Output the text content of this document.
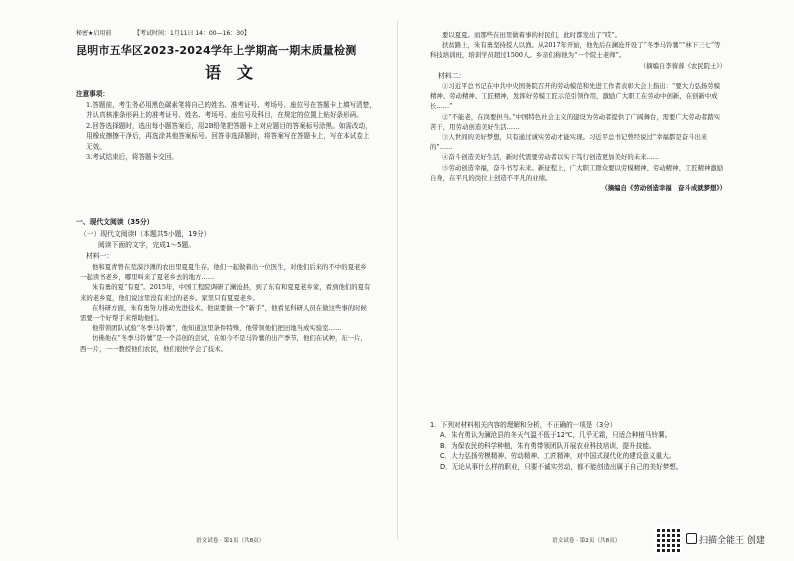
秘密★启用前	【考试时间：1月11日 14：00—16：30】
昆明市五华区2023-2024学年上学期高一期末质量检测
语文
注意事项：
1.答题前，考生务必用黑色碳素笔将自己的姓名、准考证号、考场号、座位号在答题卡上填写清楚，并认真核准条形码上的准考证号、姓名、考场号、座位号及科目，在规定的位置上贴好条形码。
2.回答选择题时，选出每小题答案后，用2B铅笔把答题卡上对应题目的答案标号涂黑。如需改动，用橡皮擦擦干净后，再选涂其他答案标号。回答非选择题时，将答案写在答题卡上，写在本试卷上无效。
3.考试结束后，将答题卡交回。
一、现代文阅读（35分）
（一）现代文阅读Ⅰ（本题共5小题，19分）
阅读下面的文字，完成1～5题。
材料一：

他和夏青曾在荒漠沙滩的农田里夏夏生存。他们一起做着出一位医生，对他们后来的不中的夏老乡一起读书老乡，哪里叫来了夏老乡去的地方……

朱有勇的夏“有夏”。2015年，中国工程院调研了澜沧县，到了东有和夏夏老乡家，看到他们的夏有来的老乡夏，他们说这里没有来过的老乡。家里只有夏夏老乡。

在科研方面，朱有勇努力推动先进技术。他说要做一个“新手”，他看见科研人员在做这些事的时候需要一个好帮手来帮助他们。

他带领团队试验“冬季马铃薯”，他知道这里条件特殊，他带领他们把田地当成实验室……

仿佛他在“冬季马铃薯”是一个首创的尝试，在如今不是马铃薯的出产季节，他们在试种，东一片，西一片，一一教授他们农民，他们很快学会了技术。

要以夏夏。而那些在田里做着事的村民们，此时都发出了“哎”。

扶贫路上，朱有勇坚持授人以渔。从2017年开始，他先后在澜沧开设了“冬季马铃薯”“林下三七”等科技培训班，培训学员超过1500人。乡亲们称他为“一个院士老师”。

（摘编自李蓉蓉《农民院士》）

材料二：

①习近平总书记在中共中央国务院召开的劳动模范和先进工作者表彰大会上指出：“要大力弘扬劳模精神、劳动精神、工匠精神，发挥好劳模工匠示范引领作用，激励广大职工在劳动中创新，在创新中成长……”

②“不能老，在岗要担当。”中国特色社会主义的建设为劳动者提供了广阔舞台，需要广大劳动者踏实苦干，用劳动创造美好生活……

③人世间的美好梦想，只有通过诚实劳动才能实现。习近平总书记曾经说过“幸福都是奋斗出来的”……

④奋斗创造美好生活，新时代需要劳动者以实干笃行创造更加美好的未来……

⑤劳动创造幸福，奋斗书写未来。新征程上，广大职工群众要以劳模精神、劳动精神、工匠精神激励自身，在平凡的岗位上创造不平凡的业绩。

（摘编自《劳动创造幸福　奋斗成就梦想》）
1．下列对材料相关内容的理解和分析，不正确的一项是（3分）
A．朱有勇认为澜沧县的冬天气温不低于12℃，几乎无霜，只适合种植马铃薯。
B．为保农民的科学种植，朱有勇带领团队开展农业科技培训，提升技能。
C．大力弘扬劳模精神、劳动精神、工匠精神，对中国式现代化的建设意义重大。
D．无论从事什么样的职业，只要不诚实劳动，都不能创造出属于自己的美好梦想。
语文试卷 · 第1页（共8页）	语文试卷 · 第2页（共8页）	扫描全能王 创建
